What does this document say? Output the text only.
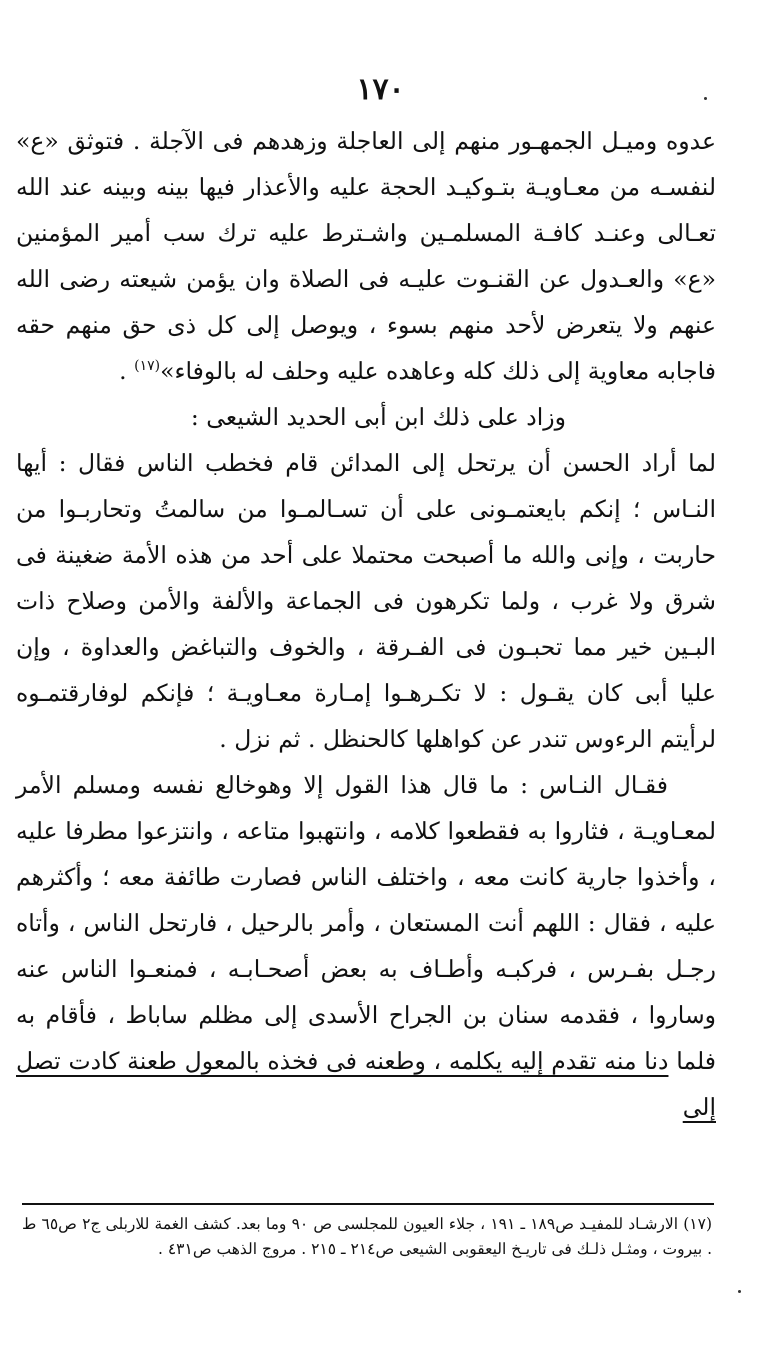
١٧٠

عدوه وميـل الجمهـور منهم إلى العاجلة وزهدهم فى الآجلة . فتوثق «ع» لنفسـه من معـاويـة بتـوكيـد الحجة عليه والأعذار فيها بينه وبينه عند الله تعـالى وعنـد كافـة المسلمـين واشـترط عليه ترك سب أمير المؤمنين «ع» والعـدول عن القنـوت عليـه فى الصلاة وان يؤمن شيعته رضى الله عنهم ولا يتعرض لأحد منهم بسوء ، ويوصل إلى كل ذى حق منهم حقه فاجابه معاوية إلى ذلك كله وعاهده عليه وحلف له بالوفاء»$^{(١٧)}$ .

وزاد على ذلك ابن أبى الحديد الشيعى :

لما أراد الحسن أن يرتحل إلى المدائن قام فخطب الناس فقال : أيها النـاس ؛ إنكم بايعتمـونى على أن تسـالمـوا من سالمتُ وتحاربـوا من حاربت ، وإنى والله ما أصبحت محتملا على أحد من هذه الأمة ضغينة فى شرق ولا غرب ، ولما تكرهون فى الجماعة والألفة والأمن وصلاح ذات البـين خير مما تحبـون فى الفـرقة ، والخوف والتباغض والعداوة ، وإن عليا أبى كان يقـول : لا تكـرهـوا إمـارة معـاويـة ؛ فإنكم لوفارقتمـوه لرأيتم الرءوس تندر عن كواهلها كالحنظل . ثم نزل .

فقـال النـاس : ما قال هذا القول إلا وهوخالع نفسه ومسلم الأمر لمعـاويـة ، فثاروا به فقطعوا كلامه ، وانتهبوا متاعه ، وانتزعوا مطرفا عليه ، وأخذوا جارية كانت معه ، واختلف الناس فصارت طائفة معه ؛ وأكثرهم عليه ، فقال : اللهم أنت المستعان ، وأمر بالرحيل ، فارتحل الناس ، وأتاه رجـل بفـرس ، فركبـه وأطـاف به بعض أصحـابـه ، فمنعـوا الناس عنه وساروا ، فقدمه سنان بن الجراح الأسدى إلى مظلم ساباط ، فأقام به فلما دنا منه تقدم إليه يكلمه ، وطعنه فى فخذه بالمعول طعنة كادت تصل إلى

(١٧) الارشـاد للمفيـد ص١٨٩ ـ ١٩١ ، جلاء العيون للمجلسى ص ٩٠ وما بعد. كشف الغمة للاربلى ج٢ ص٦٥ ط . بيروت ، ومثـل ذلـك فى تاريـخ اليعقوبى الشيعى ص٢١٤ ـ ٢١٥ . مروج الذهب ص٤٣١ .
